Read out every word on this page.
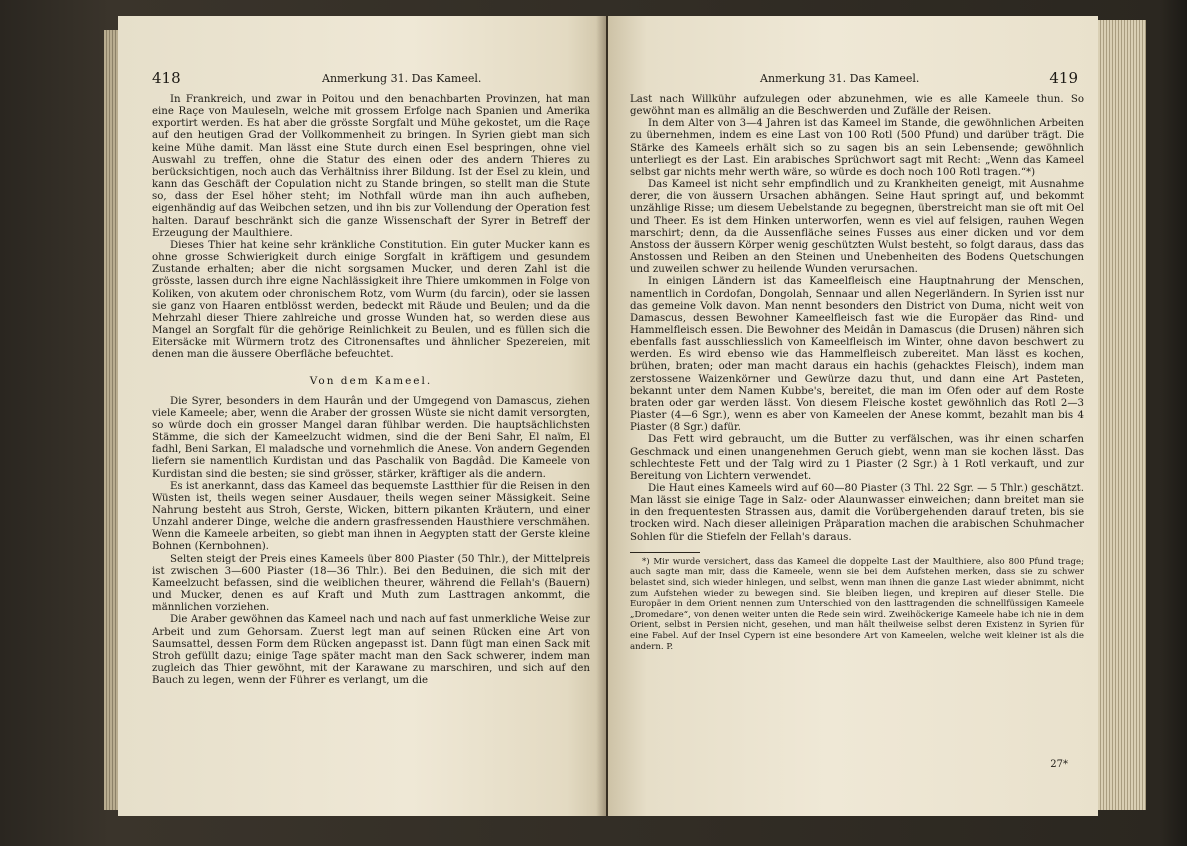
418	Anmerkung 31. Das Kameel.

In Frankreich, und zwar in Poitou und den benachbarten Provinzen, hat man eine Raçe von Mauleseln, welche mit grossem Erfolge nach Spanien und Amerika exportirt werden. Es hat aber die grösste Sorgfalt und Mühe gekostet, um die Raçe auf den heutigen Grad der Vollkommenheit zu bringen. In Syrien giebt man sich keine Mühe damit. Man lässt eine Stute durch einen Esel bespringen, ohne viel Auswahl zu treffen, ohne die Statur des einen oder des andern Thieres zu berücksichtigen, noch auch das Verhältniss ihrer Bildung. Ist der Esel zu klein, und kann das Geschäft der Copulation nicht zu Stande bringen, so stellt man die Stute so, dass der Esel höher steht; im Nothfall würde man ihn auch aufheben, eigenhändig auf das Weibchen setzen, und ihn bis zur Vollendung der Operation fest halten. Darauf beschränkt sich die ganze Wissenschaft der Syrer in Betreff der Erzeugung der Maulthiere.

Dieses Thier hat keine sehr kränkliche Constitution. Ein guter Mucker kann es ohne grosse Schwierigkeit durch einige Sorgfalt in kräftigem und gesundem Zustande erhalten; aber die nicht sorgsamen Mucker, und deren Zahl ist die grösste, lassen durch ihre eigne Nachlässigkeit ihre Thiere umkommen in Folge von Koliken, von akutem oder chronischem Rotz, vom Wurm (du farcin), oder sie lassen sie ganz von Haaren entblösst werden, bedeckt mit Räude und Beulen; und da die Mehrzahl dieser Thiere zahlreiche und grosse Wunden hat, so werden diese aus Mangel an Sorgfalt für die gehörige Reinlichkeit zu Beulen, und es füllen sich die Eitersäcke mit Würmern trotz des Citronensaftes und ähnlicher Spezereien, mit denen man die äussere Oberfläche befeuchtet.

Von dem Kameel.

Die Syrer, besonders in dem Haurân und der Umgegend von Damascus, ziehen viele Kameele; aber, wenn die Araber der grossen Wüste sie nicht damit versorgten, so würde doch ein grosser Mangel daran fühlbar werden. Die hauptsächlichsten Stämme, die sich der Kameelzucht widmen, sind die der Beni Sahr, El naïm, El fadhl, Beni Sarkan, El maladsche und vornehmlich die Anese. Von andern Gegenden liefern sie namentlich Kurdistan und das Paschalik von Bagdâd. Die Kameele von Kurdistan sind die besten; sie sind grösser, stärker, kräftiger als die andern.

Es ist anerkannt, dass das Kameel das bequemste Lastthier für die Reisen in den Wüsten ist, theils wegen seiner Ausdauer, theils wegen seiner Mässigkeit. Seine Nahrung besteht aus Stroh, Gerste, Wicken, bittern pikanten Kräutern, und einer Unzahl anderer Dinge, welche die andern grasfressenden Hausthiere verschmähen. Wenn die Kameele arbeiten, so giebt man ihnen in Aegypten statt der Gerste kleine Bohnen (Kernbohnen).

Selten steigt der Preis eines Kameels über 800 Piaster (50 Thlr.), der Mittelpreis ist zwischen 3—600 Piaster (18—36 Thlr.). Bei den Beduinen, die sich mit der Kameelzucht befassen, sind die weiblichen theurer, während die Fellah's (Bauern) und Mucker, denen es auf Kraft und Muth zum Lasttragen ankommt, die männlichen vorziehen.

Die Araber gewöhnen das Kameel nach und nach auf fast unmerkliche Weise zur Arbeit und zum Gehorsam. Zuerst legt man auf seinen Rücken eine Art von Saumsattel, dessen Form dem Rücken angepasst ist. Dann fügt man einen Sack mit Stroh gefüllt dazu; einige Tage später macht man den Sack schwerer, indem man zugleich das Thier gewöhnt, mit der Karawane zu marschiren, und sich auf den Bauch zu legen, wenn der Führer es verlangt, um die

Anmerkung 31. Das Kameel.	419

Last nach Willkühr aufzulegen oder abzunehmen, wie es alle Kameele thun. So gewöhnt man es allmälig an die Beschwerden und Zufälle der Reisen.

In dem Alter von 3—4 Jahren ist das Kameel im Stande, die gewöhnlichen Arbeiten zu übernehmen, indem es eine Last von 100 Rotl (500 Pfund) und darüber trägt. Die Stärke des Kameels erhält sich so zu sagen bis an sein Lebensende; gewöhnlich unterliegt es der Last. Ein arabisches Sprüchwort sagt mit Recht: „Wenn das Kameel selbst gar nichts mehr werth wäre, so würde es doch noch 100 Rotl tragen.“*)

Das Kameel ist nicht sehr empfindlich und zu Krankheiten geneigt, mit Ausnahme derer, die von äussern Ursachen abhängen. Seine Haut springt auf, und bekommt unzählige Risse; um diesem Uebelstande zu begegnen, überstreicht man sie oft mit Oel und Theer. Es ist dem Hinken unterworfen, wenn es viel auf felsigen, rauhen Wegen marschirt; denn, da die Aussenfläche seines Fusses aus einer dicken und vor dem Anstoss der äussern Körper wenig geschützten Wulst besteht, so folgt daraus, dass das Anstossen und Reiben an den Steinen und Unebenheiten des Bodens Quetschungen und zuweilen schwer zu heilende Wunden verursachen.

In einigen Ländern ist das Kameelfleisch eine Hauptnahrung der Menschen, namentlich in Cordofan, Dongolah, Sennaar und allen Negerländern. In Syrien isst nur das gemeine Volk davon. Man nennt besonders den District von Duma, nicht weit von Damascus, dessen Bewohner Kameelfleisch fast wie die Europäer das Rind- und Hammelfleisch essen. Die Bewohner des Meidân in Damascus (die Drusen) nähren sich ebenfalls fast ausschliesslich von Kameelfleisch im Winter, ohne davon beschwert zu werden. Es wird ebenso wie das Hammelfleisch zubereitet. Man lässt es kochen, brühen, braten; oder man macht daraus ein hachis (gehacktes Fleisch), indem man zerstossene Waizenkörner und Gewürze dazu thut, und dann eine Art Pasteten, bekannt unter dem Namen Kubbe's, bereitet, die man im Ofen oder auf dem Roste braten oder gar werden lässt. Von diesem Fleische kostet gewöhnlich das Rotl 2—3 Piaster (4—6 Sgr.), wenn es aber von Kameelen der Anese kommt, bezahlt man bis 4 Piaster (8 Sgr.) dafür.

Das Fett wird gebraucht, um die Butter zu verfälschen, was ihr einen scharfen Geschmack und einen unangenehmen Geruch giebt, wenn man sie kochen lässt. Das schlechteste Fett und der Talg wird zu 1 Piaster (2 Sgr.) à 1 Rotl verkauft, und zur Bereitung von Lichtern verwendet.

Die Haut eines Kameels wird auf 60—80 Piaster (3 Thl. 22 Sgr. — 5 Thlr.) geschätzt. Man lässt sie einige Tage in Salz- oder Alaunwasser einweichen; dann breitet man sie in den frequentesten Strassen aus, damit die Vorübergehenden darauf treten, bis sie trocken wird. Nach dieser alleinigen Präparation machen die arabischen Schuhmacher Sohlen für die Stiefeln der Fellah's daraus.

*) Mir wurde versichert, dass das Kameel die doppelte Last der Maulthiere, also 800 Pfund trage; auch sagte man mir, dass die Kameele, wenn sie bei dem Aufstehen merken, dass sie zu schwer belastet sind, sich wieder hinlegen, und selbst, wenn man ihnen die ganze Last wieder abnimmt, nicht zum Aufstehen wieder zu bewegen sind. Sie bleiben liegen, und krepiren auf dieser Stelle. Die Europäer in dem Orient nennen zum Unterschied von den lasttragenden die schnellfüssigen Kameele „Dromedare“, von denen weiter unten die Rede sein wird. Zweihöckerige Kameele habe ich nie in dem Orient, selbst in Persien nicht, gesehen, und man hält theilweise selbst deren Existenz in Syrien für eine Fabel. Auf der Insel Cypern ist eine besondere Art von Kameelen, welche weit kleiner ist als die andern. P.

27*
